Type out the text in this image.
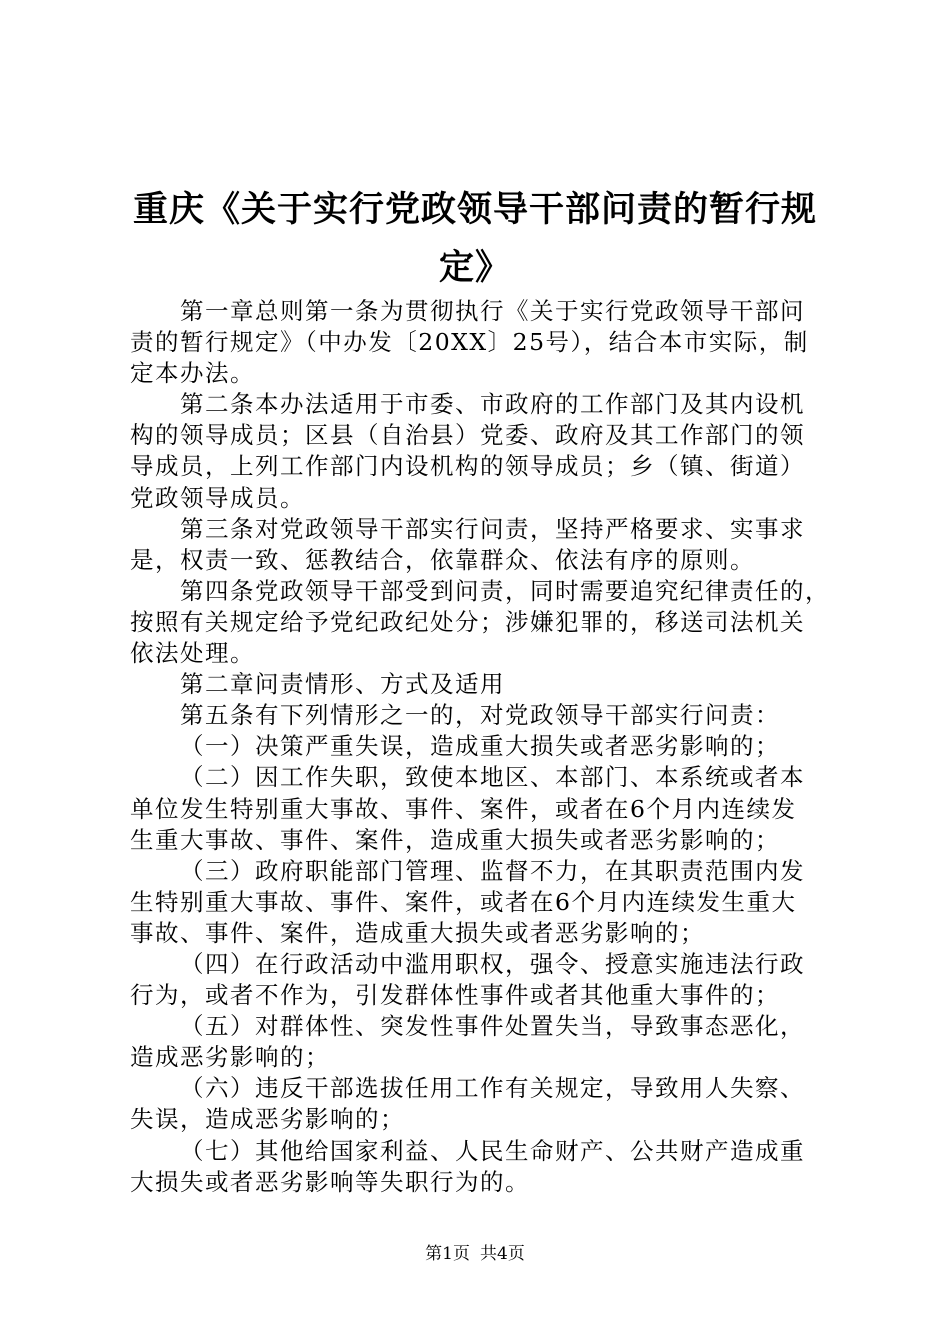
重庆《关于实行党政领导干部问责的暂行规
定》
第一章总则第一条为贯彻执行《关于实行党政领导干部问
责的暂行规定》（中办发〔20XX〕25号），结合本市实际，制
定本办法。
第二条本办法适用于市委、市政府的工作部门及其内设机
构的领导成员；区县（自治县）党委、政府及其工作部门的领
导成员，上列工作部门内设机构的领导成员；乡（镇、街道）
党政领导成员。
第三条对党政领导干部实行问责，坚持严格要求、实事求
是，权责一致、惩教结合，依靠群众、依法有序的原则。
第四条党政领导干部受到问责，同时需要追究纪律责任的，
按照有关规定给予党纪政纪处分；涉嫌犯罪的，移送司法机关
依法处理。
第二章问责情形、方式及适用
第五条有下列情形之一的，对党政领导干部实行问责：
（一）决策严重失误，造成重大损失或者恶劣影响的；
（二）因工作失职，致使本地区、本部门、本系统或者本
单位发生特别重大事故、事件、案件，或者在6个月内连续发
生重大事故、事件、案件，造成重大损失或者恶劣影响的；
（三）政府职能部门管理、监督不力，在其职责范围内发
生特别重大事故、事件、案件，或者在6个月内连续发生重大
事故、事件、案件，造成重大损失或者恶劣影响的；
（四）在行政活动中滥用职权，强令、授意实施违法行政
行为，或者不作为，引发群体性事件或者其他重大事件的；
（五）对群体性、突发性事件处置失当，导致事态恶化，
造成恶劣影响的；
（六）违反干部选拔任用工作有关规定，导致用人失察、
失误，造成恶劣影响的；
（七）其他给国家利益、人民生命财产、公共财产造成重
大损失或者恶劣影响等失职行为的。
第1页 共4页
